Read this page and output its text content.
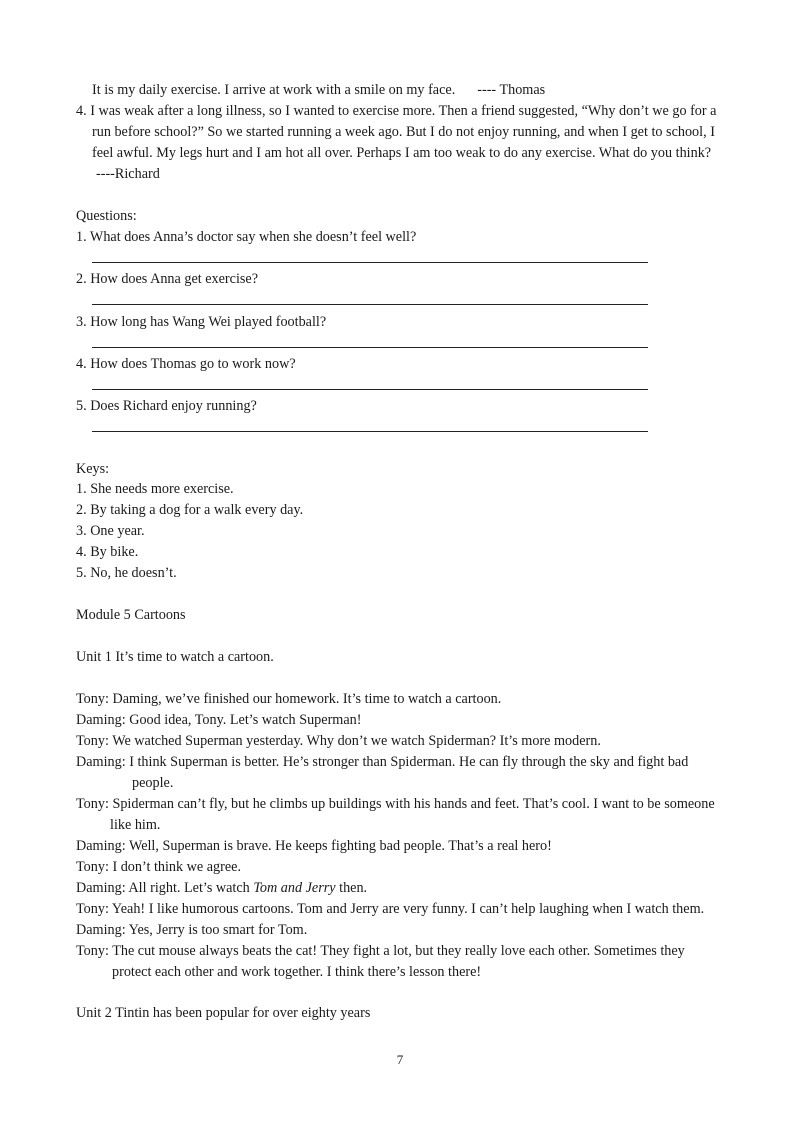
It is my daily exercise. I arrive at work with a smile on my face. ---- Thomas
4. I was weak after a long illness, so I wanted to exercise more. Then a friend suggested, “Why don’t we go for a
run before school?” So we started running a week ago. But I do not enjoy running, and when I get to school, I
feel awful. My legs hurt and I am hot all over. Perhaps I am too weak to do any exercise. What do you think?
----Richard
Questions:
1. What does Anna’s doctor say when she doesn’t feel well?
2. How does Anna get exercise?
3. How long has Wang Wei played football?
4. How does Thomas go to work now?
5. Does Richard enjoy running?
Keys:
1. She needs more exercise.
2. By taking a dog for a walk every day.
3. One year.
4. By bike.
5. No, he doesn’t.
Module 5 Cartoons
Unit 1 It’s time to watch a cartoon.
Tony: Daming, we’ve finished our homework. It’s time to watch a cartoon.
Daming: Good idea, Tony. Let’s watch Superman!
Tony: We watched Superman yesterday. Why don’t we watch Spiderman? It’s more modern.
Daming: I think Superman is better. He’s stronger than Spiderman. He can fly through the sky and fight bad
people.
Tony: Spiderman can’t fly, but he climbs up buildings with his hands and feet. That’s cool. I want to be someone
like him.
Daming: Well, Superman is brave. He keeps fighting bad people. That’s a real hero!
Tony: I don’t think we agree.
Daming: All right. Let’s watch Tom and Jerry then.
Tony: Yeah! I like humorous cartoons. Tom and Jerry are very funny. I can’t help laughing when I watch them.
Daming: Yes, Jerry is too smart for Tom.
Tony: The cut mouse always beats the cat! They fight a lot, but they really love each other. Sometimes they
protect each other and work together. I think there’s lesson there!
Unit 2 Tintin has been popular for over eighty years
7
